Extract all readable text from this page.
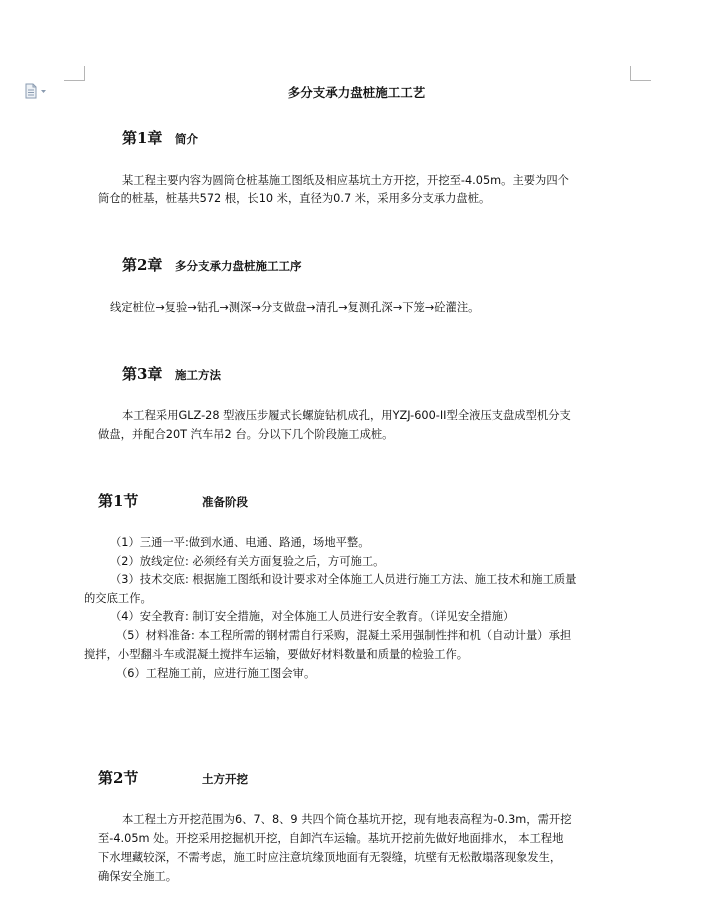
多分支承力盘桩施工工艺
第1章 简介
某工程主要内容为圆筒仓桩基施工图纸及相应基坑土方开挖，开挖至-4.05m。主要为四个
筒仓的桩基，桩基共572 根，长10 米，直径为0.7 米，采用多分支承力盘桩。
第2章 多分支承力盘桩施工工序
线定桩位→复验→钻孔→测深→分支做盘→清孔→复测孔深→下笼→砼灌注。
第3章 施工方法
本工程采用GLZ-28 型液压步履式长螺旋钻机成孔，用YZJ-600-II型全液压支盘成型机分支
做盘，并配合20T 汽车吊2 台。分以下几个阶段施工成桩。
第1节	准备阶段
（1）三通一平:做到水通、电通、路通，场地平整。
（2）放线定位: 必须经有关方面复验之后，方可施工。
（3）技术交底: 根据施工图纸和设计要求对全体施工人员进行施工方法、施工技术和施工质量
的交底工作。
（4）安全教育: 制订安全措施，对全体施工人员进行安全教育。（详见安全措施）
（5）材料准备: 本工程所需的钢材需自行采购，混凝土采用强制性拌和机（自动计量）承担
搅拌，小型翻斗车或混凝土搅拌车运输，要做好材料数量和质量的检验工作。
（6）工程施工前，应进行施工图会审。
第2节	土方开挖
本工程土方开挖范围为6、7、8、9 共四个筒仓基坑开挖，现有地表高程为-0.3m，需开挖
至-4.05m 处。开挖采用挖掘机开挖，自卸汽车运输。基坑开挖前先做好地面排水， 本工程地
下水埋藏较深，不需考虑，施工时应注意坑缘顶地面有无裂缝，坑壁有无松散塌落现象发生，
确保安全施工。
